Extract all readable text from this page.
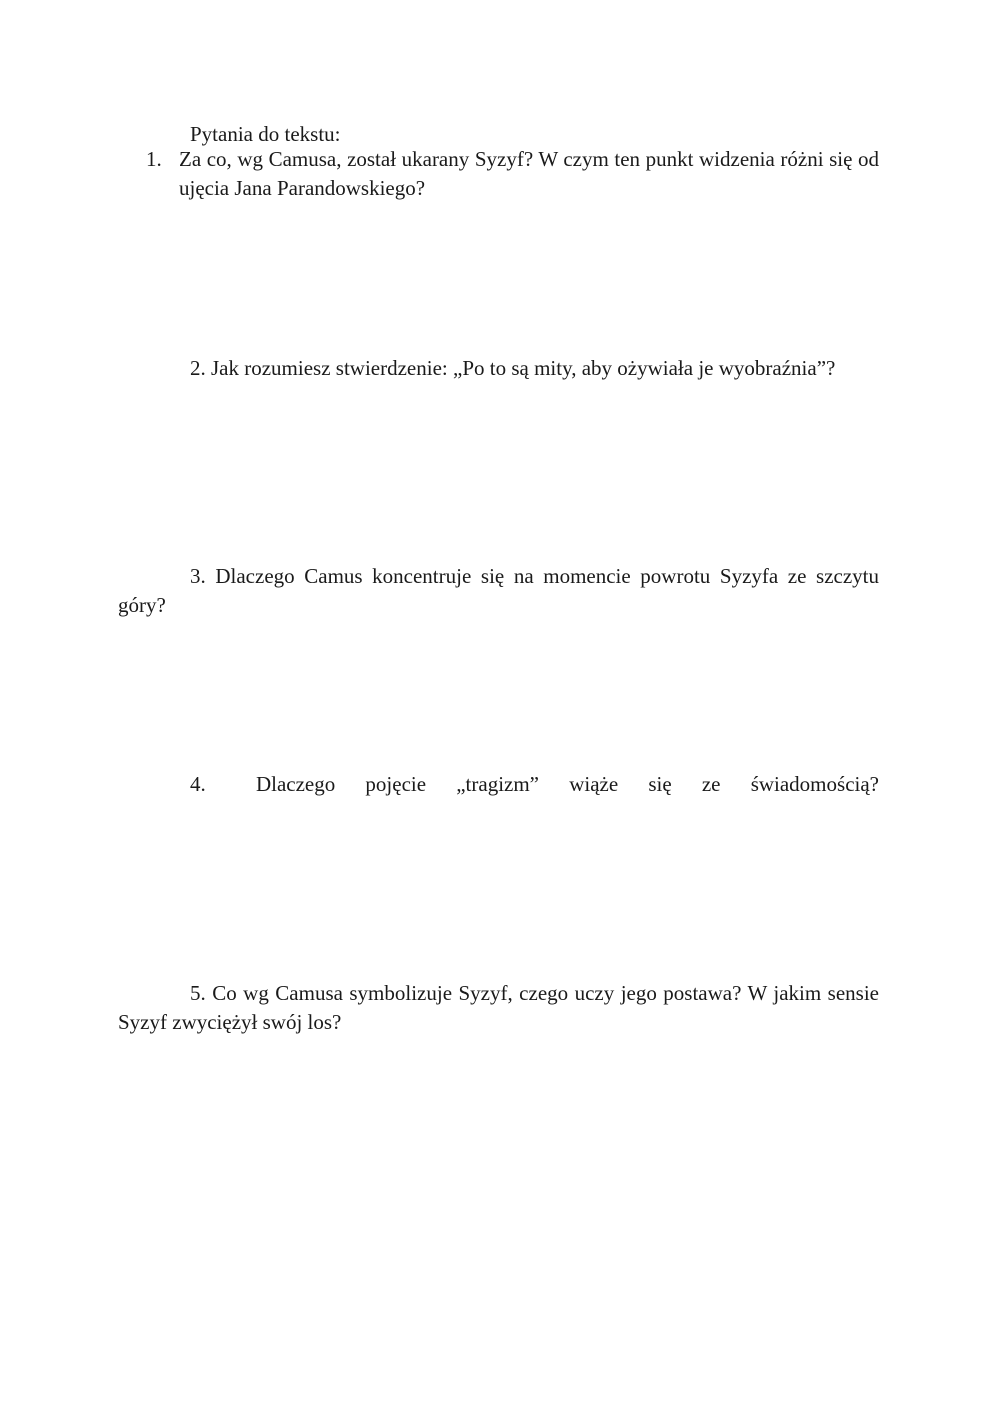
Pytania do tekstu:
1. Za co, wg Camusa, został ukarany Syzyf? W czym ten punkt widzenia różni się od ujęcia Jana Parandowskiego?
2. Jak rozumiesz stwierdzenie: „Po to są mity, aby ożywiała je wyobraźnia”?
3. Dlaczego Camus koncentruje się na momencie powrotu Syzyfa ze szczytu góry?
4. Dlaczego pojęcie „tragizm” wiąże się ze świadomością?
5. Co wg Camusa symbolizuje Syzyf, czego uczy jego postawa? W jakim sensie Syzyf zwyciężył swój los?
